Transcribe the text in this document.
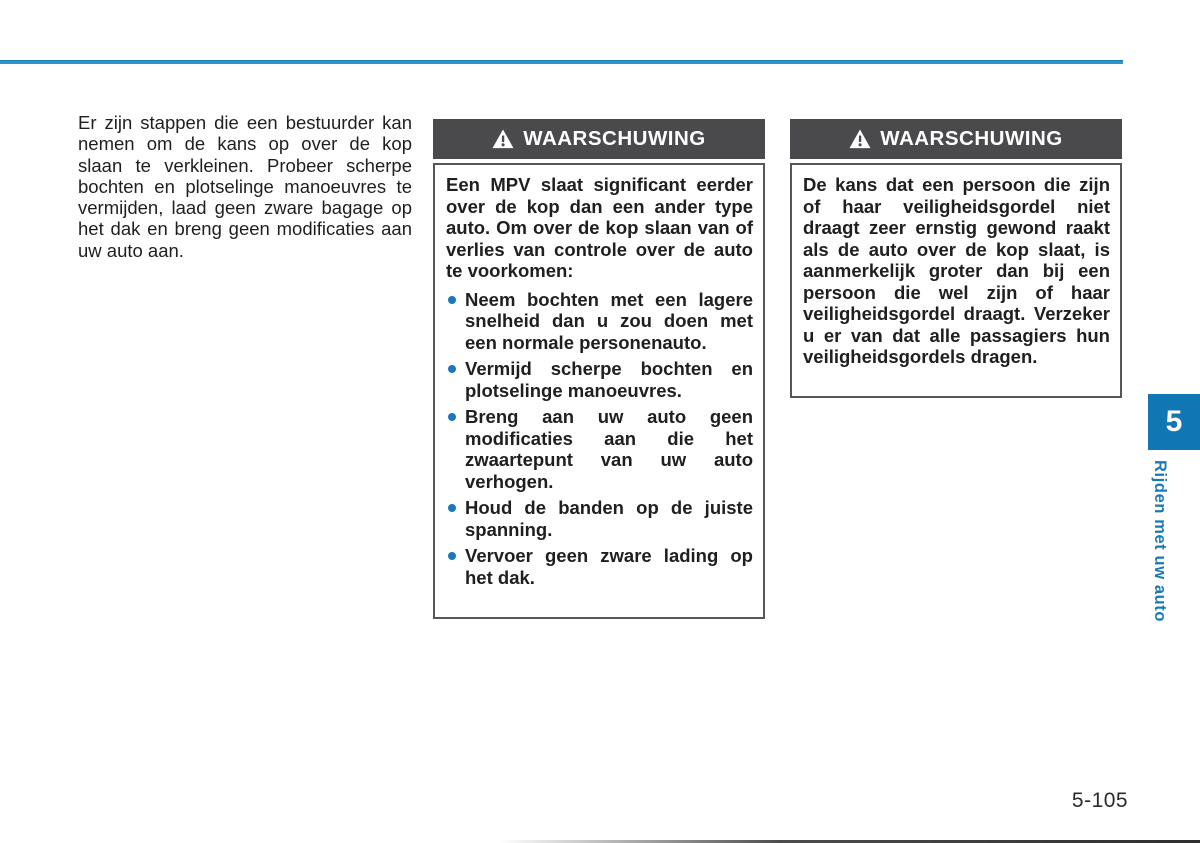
Er zijn stappen die een bestuurder kan nemen om de kans op over de kop slaan te verkleinen. Probeer scherpe bochten en plotselinge manoeuvres te vermijden, laad geen zware bagage op het dak en breng geen modificaties aan uw auto aan.
WAARSCHUWING

Een MPV slaat significant eerder over de kop dan een ander type auto. Om over de kop slaan van of verlies van controle over de auto te voorkomen:

Neem bochten met een lagere snelheid dan u zou doen met een normale personenauto.
Vermijd scherpe bochten en plotselinge manoeuvres.
Breng aan uw auto geen modificaties aan die het zwaartepunt van uw auto verhogen.
Houd de banden op de juiste spanning.
Vervoer geen zware lading op het dak.
WAARSCHUWING

De kans dat een persoon die zijn of haar veiligheidsgordel niet draagt zeer ernstig gewond raakt als de auto over de kop slaat, is aanmerkelijk groter dan bij een persoon die wel zijn of haar veiligheidsgordel draagt. Verzeker u er van dat alle passagiers hun veiligheidsgordels dragen.

5
Rijden met uw auto
5-105
